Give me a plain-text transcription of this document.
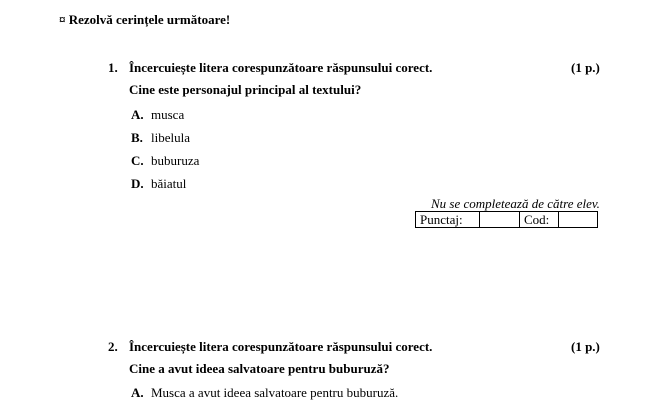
¤ Rezolvă cerințele următoare!
1. Încercuiește litera corespunzătoare răspunsului corect.	(1 p.)
Cine este personajul principal al textului?
A. musca
B. libelula
C. buburuza
D. băiatul
Nu se completează de către elev.
Punctaj:		Cod:	
2. Încercuiește litera corespunzătoare răspunsului corect.	(1 p.)
Cine a avut ideea salvatoare pentru buburuză?
A. Musca a avut ideea salvatoare pentru buburuză.
